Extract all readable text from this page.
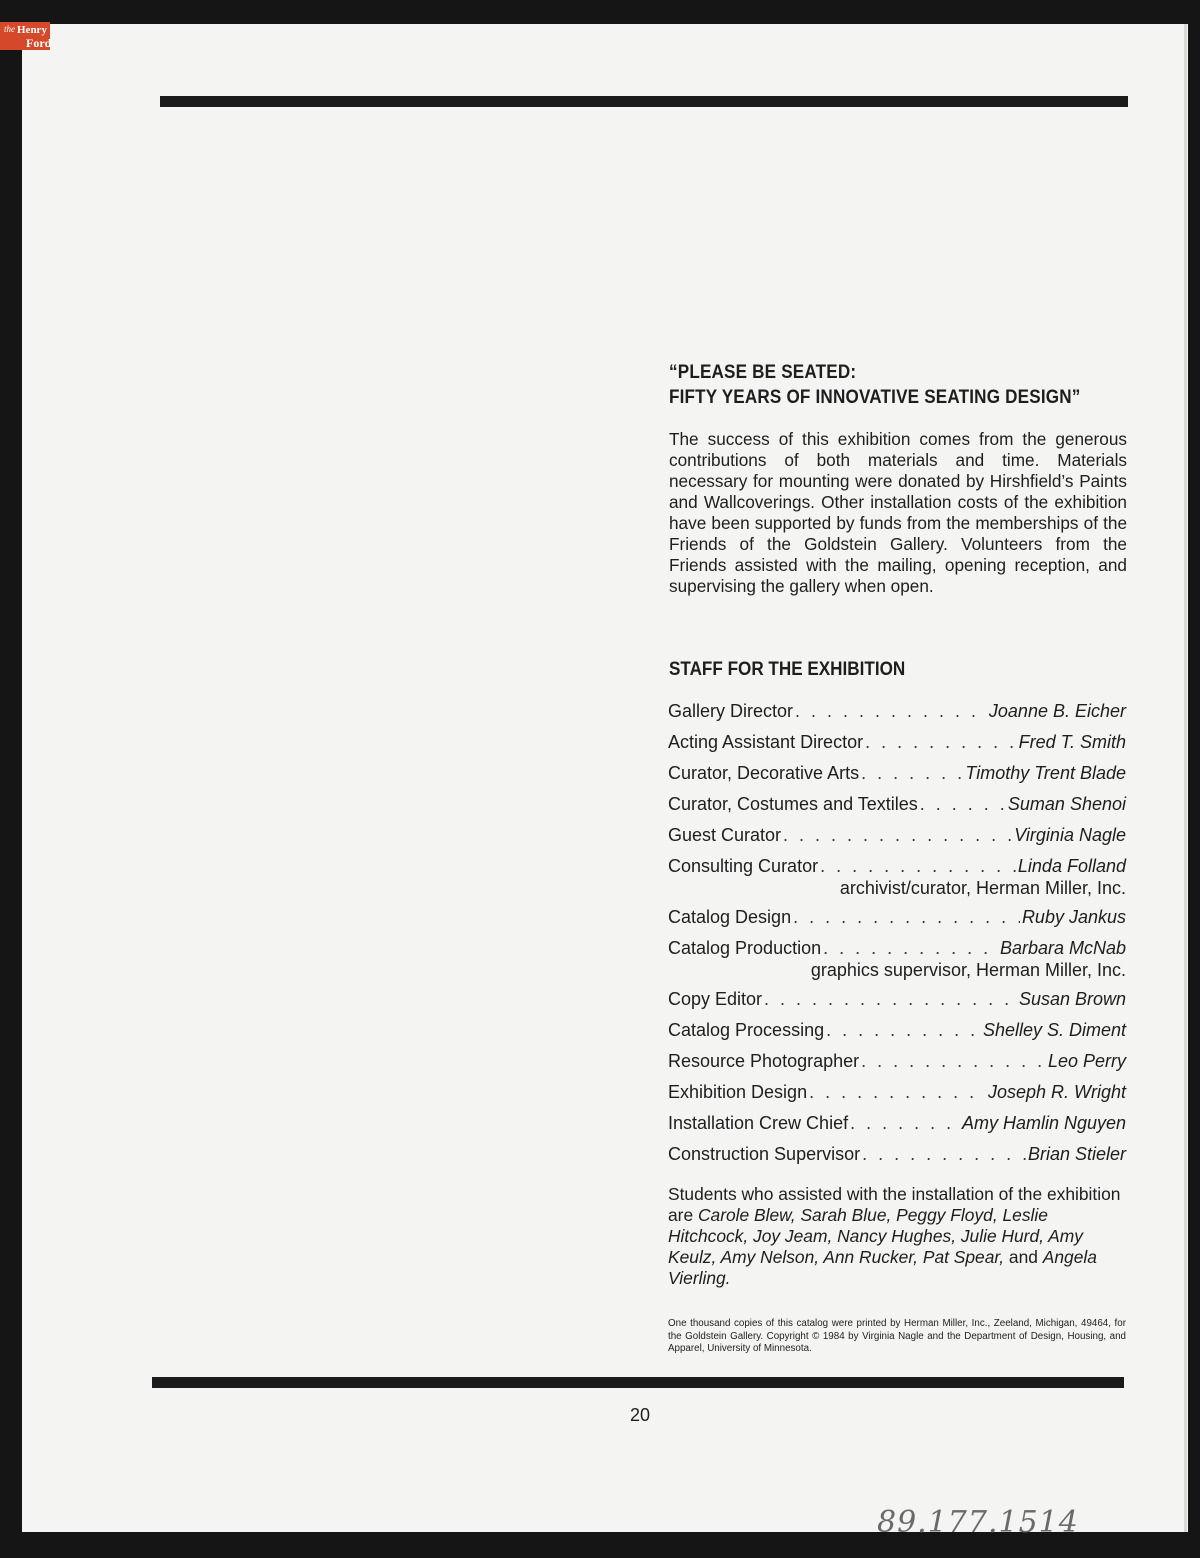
the Henry
Ford
“PLEASE BE SEATED:
FIFTY YEARS OF INNOVATIVE SEATING DESIGN”
The success of this exhibition comes from the generous contributions of both materials and time. Materials necessary for mounting were donated by Hirshfield’s Paints and Wallcoverings. Other installation costs of the exhibition have been supported by funds from the memberships of the Friends of the Goldstein Gallery. Volunteers from the Friends assisted with the mailing, opening reception, and supervising the gallery when open.
STAFF FOR THE EXHIBITION
Gallery Director . . .	Joanne B. Eicher
Acting Assistant Director . . .	Fred T. Smith
Curator, Decorative Arts . . .	Timothy Trent Blade
Curator, Costumes and Textiles . . .	Suman Shenoi
Guest Curator . . .	Virginia Nagle
Consulting Curator . . .	Linda Folland
archivist/curator, Herman Miller, Inc.
Catalog Design . . .	Ruby Jankus
Catalog Production . . .	Barbara McNab
graphics supervisor, Herman Miller, Inc.
Copy Editor . . .	Susan Brown
Catalog Processing . . .	Shelley S. Diment
Resource Photographer . . .	Leo Perry
Exhibition Design . . .	Joseph R. Wright
Installation Crew Chief . . .	Amy Hamlin Nguyen
Construction Supervisor . . .	Brian Stieler
Students who assisted with the installation of the exhibition are Carole Blew, Sarah Blue, Peggy Floyd, Leslie Hitchcock, Joy Jeam, Nancy Hughes, Julie Hurd, Amy Keulz, Amy Nelson, Ann Rucker, Pat Spear, and Angela Vierling.
One thousand copies of this catalog were printed by Herman Miller, Inc., Zeeland, Michigan, 49464, for the Goldstein Gallery. Copyright © 1984 by Virginia Nagle and the Department of Design, Housing, and Apparel, University of Minnesota.
20
89.177.1514
